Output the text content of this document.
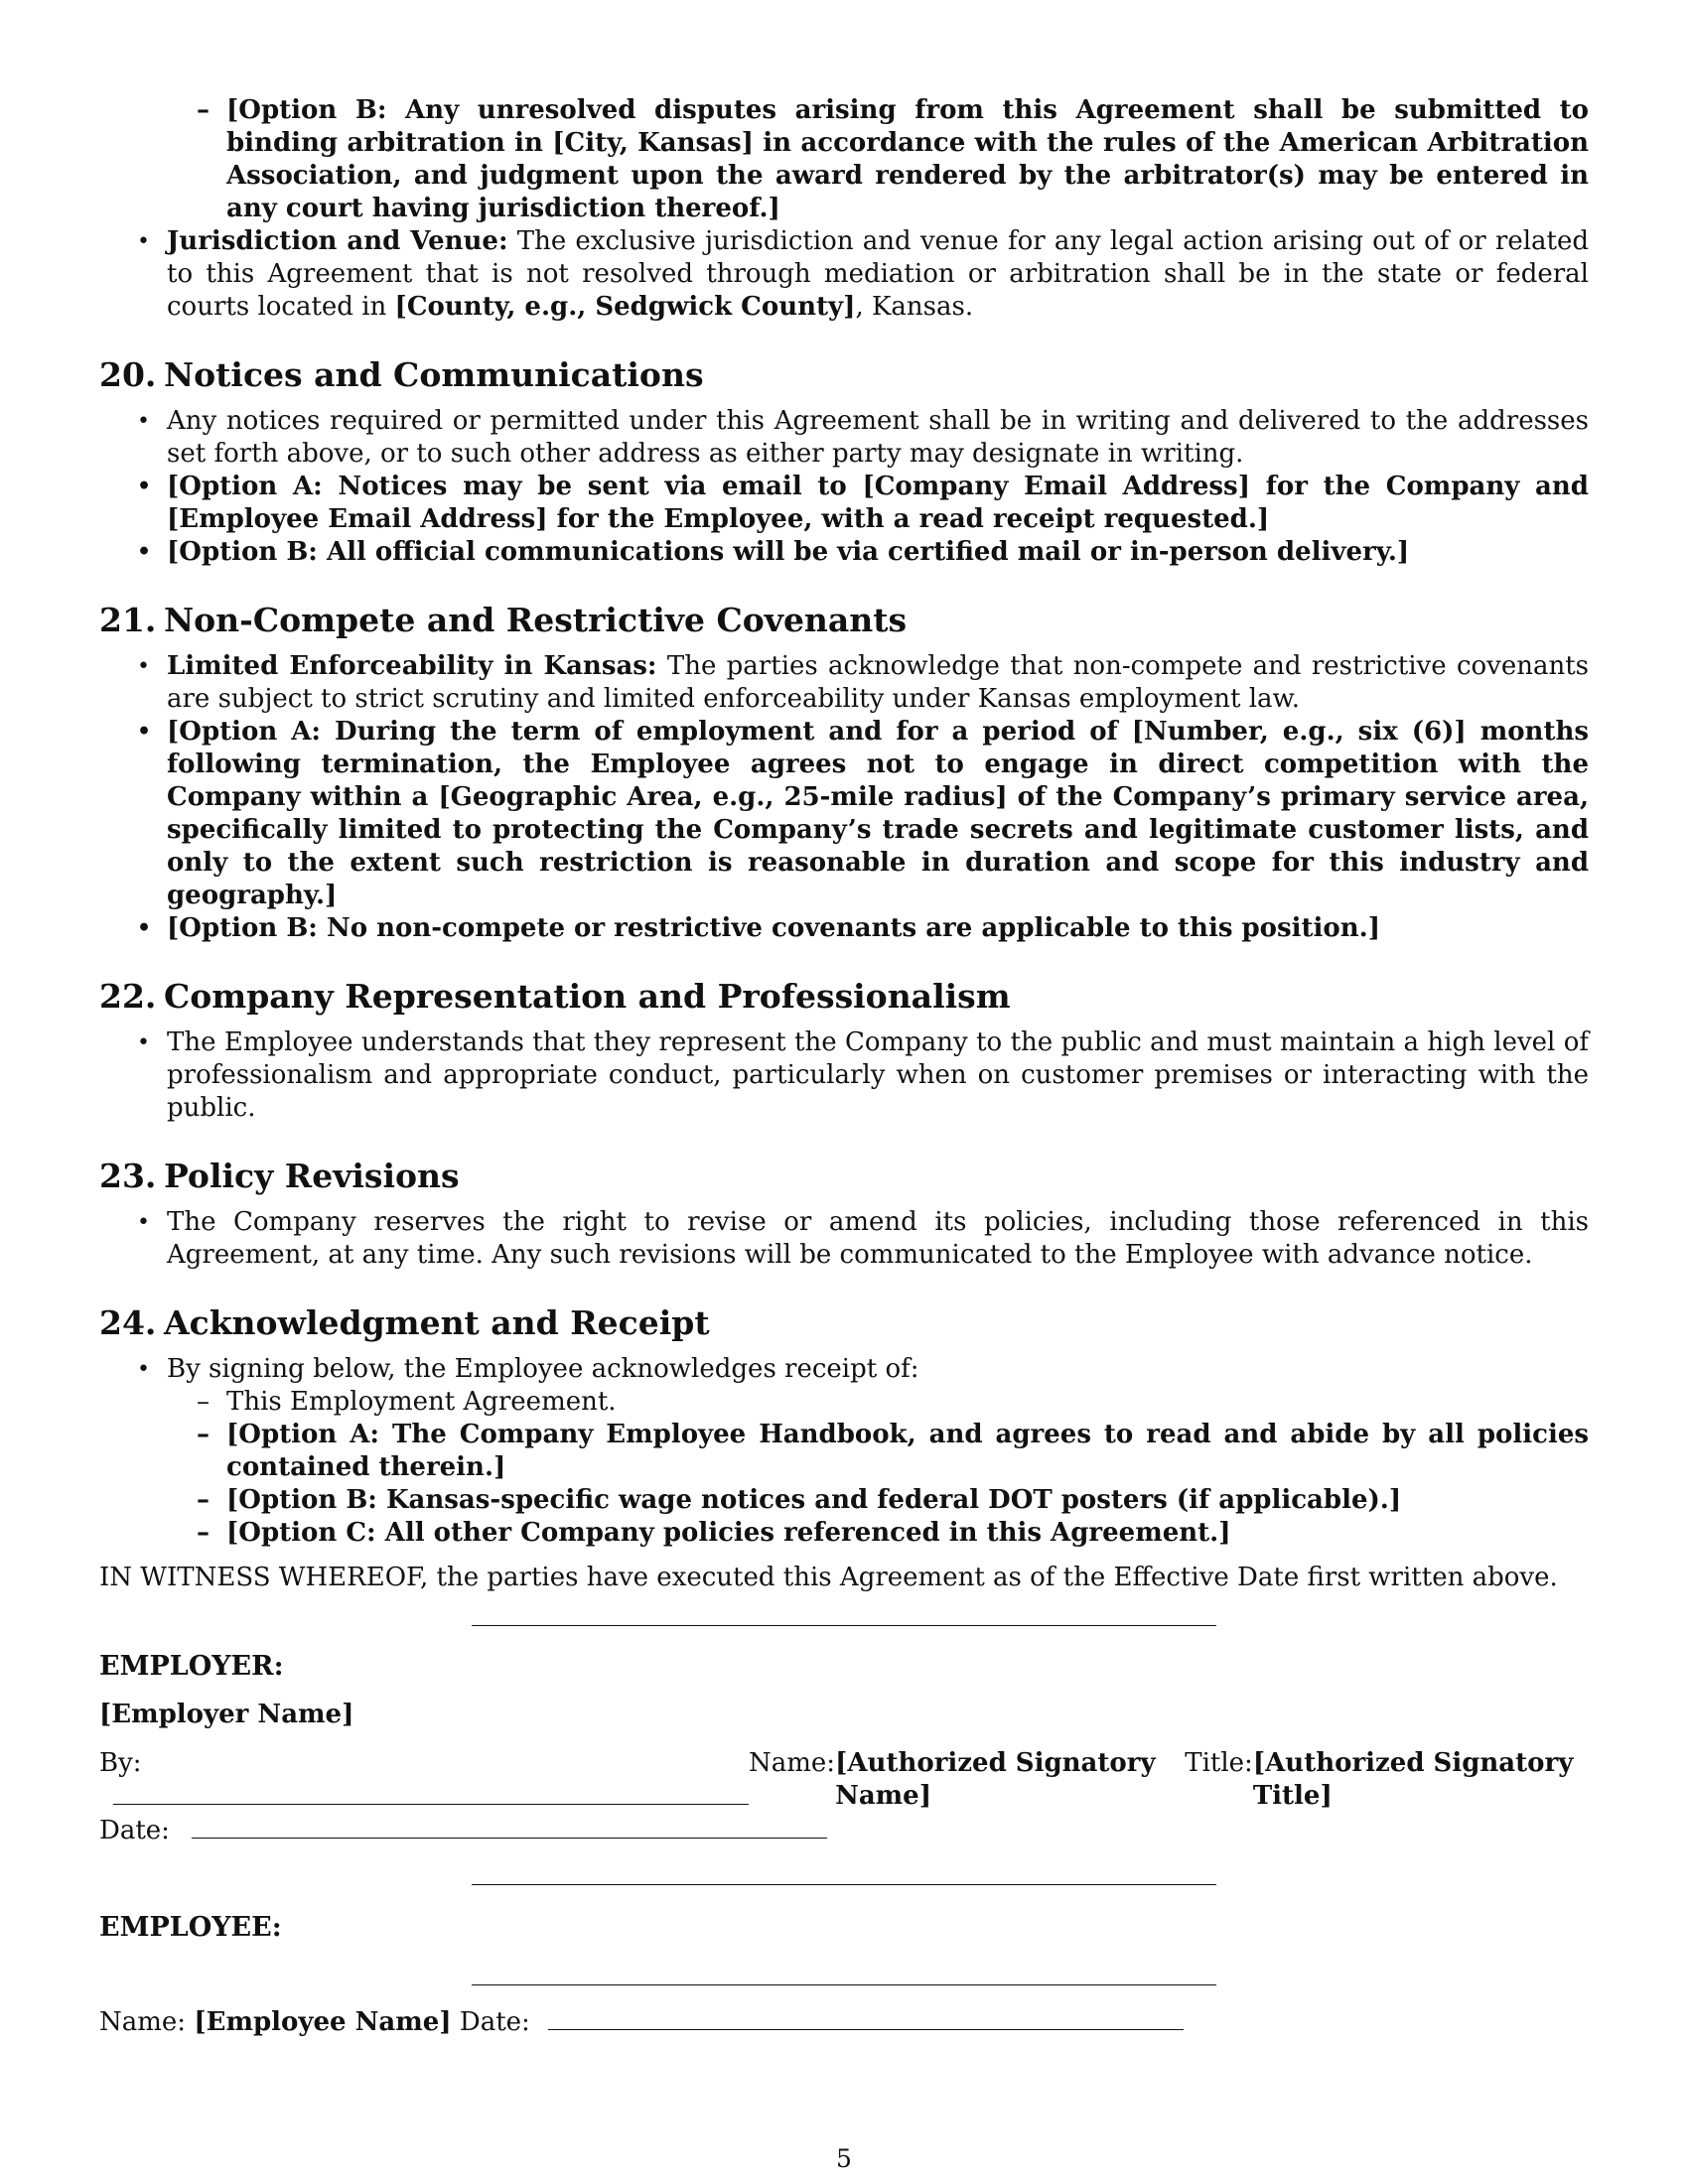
– [Option B: Any unresolved disputes arising from this Agreement shall be submitted to binding arbitration in [City, Kansas] in accordance with the rules of the American Arbitration Association, and judgment upon the award rendered by the arbitrator(s) may be entered in any court having jurisdiction thereof.]
• Jurisdiction and Venue: The exclusive jurisdiction and venue for any legal action arising out of or related to this Agreement that is not resolved through mediation or arbitration shall be in the state or federal courts located in [County, e.g., Sedgwick County], Kansas.
20. Notices and Communications
• Any notices required or permitted under this Agreement shall be in writing and delivered to the addresses set forth above, or to such other address as either party may designate in writing.
• [Option A: Notices may be sent via email to [Company Email Address] for the Company and [Employee Email Address] for the Employee, with a read receipt requested.]
• [Option B: All official communications will be via certified mail or in-person delivery.]
21. Non-Compete and Restrictive Covenants
• Limited Enforceability in Kansas: The parties acknowledge that non-compete and restrictive covenants are subject to strict scrutiny and limited enforceability under Kansas employment law.
• [Option A: During the term of employment and for a period of [Number, e.g., six (6)] months following termination, the Employee agrees not to engage in direct competition with the Company within a [Geographic Area, e.g., 25-mile radius] of the Company’s primary service area, specifically limited to protecting the Company’s trade secrets and legitimate customer lists, and only to the extent such restriction is reasonable in duration and scope for this industry and geography.]
• [Option B: No non-compete or restrictive covenants are applicable to this position.]
22. Company Representation and Professionalism
• The Employee understands that they represent the Company to the public and must maintain a high level of professionalism and appropriate conduct, particularly when on customer premises or interacting with the public.
23. Policy Revisions
• The Company reserves the right to revise or amend its policies, including those referenced in this Agreement, at any time. Any such revisions will be communicated to the Employee with advance notice.
24. Acknowledgment and Receipt
• By signing below, the Employee acknowledges receipt of:
– This Employment Agreement.
– [Option A: The Company Employee Handbook, and agrees to read and abide by all policies contained therein.]
– [Option B: Kansas-specific wage notices and federal DOT posters (if applicable).]
– [Option C: All other Company policies referenced in this Agreement.]

IN WITNESS WHEREOF, the parties have executed this Agreement as of the Effective Date first written above.

EMPLOYER:
[Employer Name]
By:	Name: [Authorized Signatory Name]
Title: [Authorized Signatory Title]
Date:
EMPLOYEE:
Name: [Employee Name] Date:
5
